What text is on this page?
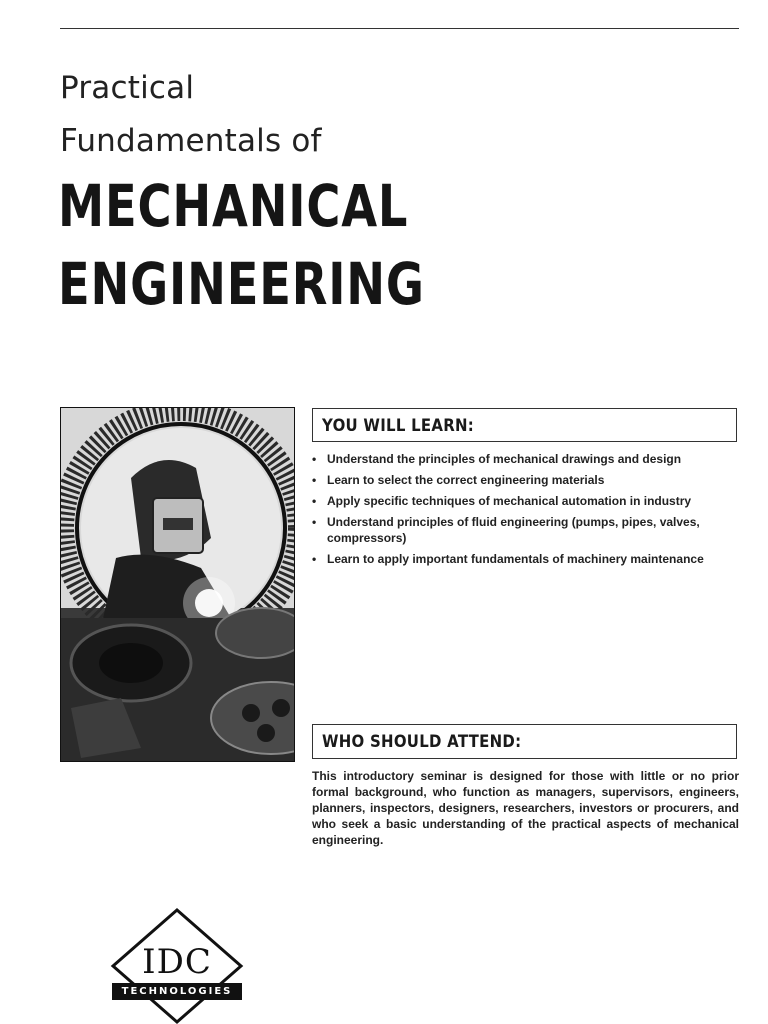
Practical
Fundamentals of
MECHANICAL
ENGINEERING
YOU WILL LEARN:
• Understand the principles of mechanical drawings and design
• Learn to select the correct engineering materials
• Apply specific techniques of mechanical automation in industry
• Understand principles of fluid engineering (pumps, pipes, valves, compressors)
• Learn to apply important fundamentals of machinery maintenance
WHO SHOULD ATTEND:

This introductory seminar is designed for those with little or no prior formal background, who function as managers, supervisors, engineers, planners, inspectors, designers, researchers, investors or procurers, and who seek a basic understanding of the practical aspects of mechanical engineering.

IDC
TECHNOLOGIES
